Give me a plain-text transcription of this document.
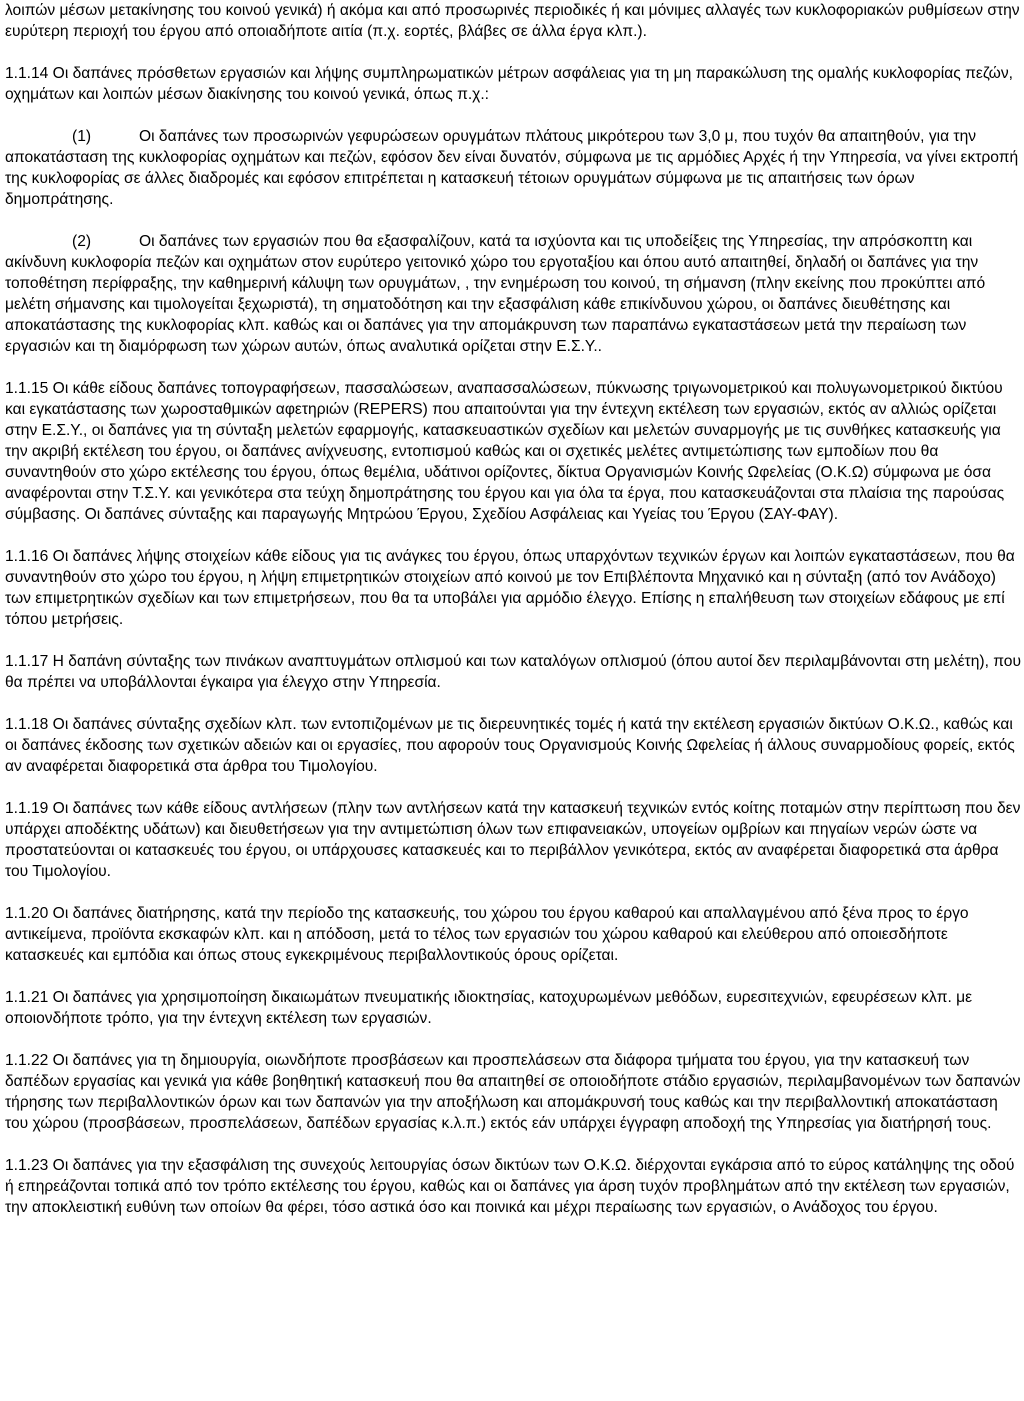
λοιπών μέσων μετακίνησης του κοινού γενικά) ή ακόμα και από προσωρινές περιοδικές ή και μόνιμες αλλαγές των κυκλοφοριακών ρυθμίσεων στην ευρύτερη περιοχή του έργου από οποιαδήποτε αιτία (π.χ. εορτές, βλάβες σε άλλα έργα κλπ.).

1.1.14 Οι δαπάνες πρόσθετων εργασιών και λήψης συμπληρωματικών μέτρων ασφάλειας για τη μη παρακώλυση της ομαλής κυκλοφορίας πεζών, οχημάτων και λοιπών μέσων διακίνησης του κοινού γενικά, όπως π.χ.:

(1)	Οι δαπάνες των προσωρινών γεφυρώσεων ορυγμάτων πλάτους μικρότερου των 3,0 μ, που τυχόν θα απαιτηθούν, για την αποκατάσταση της κυκλοφορίας οχημάτων και πεζών, εφόσον δεν είναι δυνατόν, σύμφωνα με τις αρμόδιες Αρχές ή την Υπηρεσία, να γίνει εκτροπή της κυκλοφορίας σε άλλες διαδρομές και εφόσον επιτρέπεται η κατασκευή τέτοιων ορυγμάτων σύμφωνα με τις απαιτήσεις των όρων δημοπράτησης.

(2)	Οι δαπάνες των εργασιών που θα εξασφαλίζουν, κατά τα ισχύοντα και τις υποδείξεις της Υπηρεσίας, την απρόσκοπτη και ακίνδυνη κυκλοφορία πεζών και οχημάτων στον ευρύτερο γειτονικό χώρο του εργοταξίου και όπου αυτό απαιτηθεί, δηλαδή οι δαπάνες για την τοποθέτηση περίφραξης, την καθημερινή κάλυψη των ορυγμάτων, , την ενημέρωση του κοινού, τη σήμανση (πλην εκείνης που προκύπτει από μελέτη σήμανσης και τιμολογείται ξεχωριστά), τη σηματοδότηση και την εξασφάλιση κάθε επικίνδυνου χώρου, οι δαπάνες διευθέτησης και αποκατάστασης της κυκλοφορίας κλπ. καθώς και οι δαπάνες για την απομάκρυνση των παραπάνω εγκαταστάσεων μετά την περαίωση των εργασιών και τη διαμόρφωση των χώρων αυτών, όπως αναλυτικά ορίζεται στην Ε.Σ.Υ..

1.1.15 Οι κάθε είδους δαπάνες τοπογραφήσεων, πασσαλώσεων, αναπασσαλώσεων, πύκνωσης τριγωνομετρικού και πολυγωνομετρικού δικτύου και εγκατάστασης των χωροσταθμικών αφετηριών (REPERS) που απαιτούνται για την έντεχνη εκτέλεση των εργασιών, εκτός αν αλλιώς ορίζεται στην Ε.Σ.Υ., οι δαπάνες για τη σύνταξη μελετών εφαρμογής, κατασκευαστικών σχεδίων και μελετών συναρμογής με τις συνθήκες κατασκευής για την ακριβή εκτέλεση του έργου, οι δαπάνες ανίχνευσης, εντοπισμού καθώς και οι σχετικές μελέτες αντιμετώπισης των εμποδίων που θα συναντηθούν στο χώρο εκτέλεσης του έργου, όπως θεμέλια, υδάτινοι ορίζοντες, δίκτυα Οργανισμών Κοινής Ωφελείας (Ο.Κ.Ω) σύμφωνα με όσα αναφέρονται στην Τ.Σ.Υ. και γενικότερα στα τεύχη δημοπράτησης του έργου και για όλα τα έργα, που κατασκευάζονται στα πλαίσια της παρούσας σύμβασης. Οι δαπάνες σύνταξης και παραγωγής Μητρώου Έργου, Σχεδίου Ασφάλειας και Υγείας του Έργου (ΣΑΥ-ΦΑΥ).

1.1.16 Οι δαπάνες λήψης στοιχείων κάθε είδους για τις ανάγκες του έργου, όπως υπαρχόντων τεχνικών έργων και λοιπών εγκαταστάσεων, που θα συναντηθούν στο χώρο του έργου, η λήψη επιμετρητικών στοιχείων από κοινού με τον Επιβλέποντα Μηχανικό και η σύνταξη (από τον Ανάδοχο) των επιμετρητικών σχεδίων και των επιμετρήσεων, που θα τα υποβάλει για αρμόδιο έλεγχο. Επίσης η επαλήθευση των στοιχείων εδάφους με επί τόπου μετρήσεις.

1.1.17 Η δαπάνη σύνταξης των πινάκων αναπτυγμάτων οπλισμού και των καταλόγων οπλισμού (όπου αυτοί δεν περιλαμβάνονται στη μελέτη), που θα πρέπει να υποβάλλονται έγκαιρα για έλεγχο στην Υπηρεσία.

1.1.18 Οι δαπάνες σύνταξης σχεδίων κλπ. των εντοπιζομένων με τις διερευνητικές τομές ή κατά την εκτέλεση εργασιών δικτύων Ο.Κ.Ω., καθώς και οι δαπάνες έκδοσης των σχετικών αδειών και οι εργασίες, που αφορούν τους Οργανισμούς Κοινής Ωφελείας ή άλλους συναρμοδίους φορείς, εκτός αν αναφέρεται διαφορετικά στα άρθρα του Τιμολογίου.

1.1.19 Οι δαπάνες των κάθε είδους αντλήσεων (πλην των αντλήσεων κατά την κατασκευή τεχνικών εντός κοίτης ποταμών στην περίπτωση που δεν υπάρχει αποδέκτης υδάτων) και διευθετήσεων για την αντιμετώπιση όλων των επιφανειακών, υπογείων ομβρίων και πηγαίων νερών ώστε να προστατεύονται οι κατασκευές του έργου, οι υπάρχουσες κατασκευές και το περιβάλλον γενικότερα, εκτός αν αναφέρεται διαφορετικά στα άρθρα του Τιμολογίου.

1.1.20 Οι δαπάνες διατήρησης, κατά την περίοδο της κατασκευής, του χώρου του έργου καθαρού και απαλλαγμένου από ξένα προς το έργο αντικείμενα, προϊόντα εκσκαφών κλπ. και η απόδοση, μετά το τέλος των εργασιών του χώρου καθαρού και ελεύθερου από οποιεσδήποτε κατασκευές και εμπόδια και όπως στους εγκεκριμένους περιβαλλοντικούς όρους ορίζεται.

1.1.21 Οι δαπάνες για χρησιμοποίηση δικαιωμάτων πνευματικής ιδιοκτησίας, κατοχυρωμένων μεθόδων, ευρεσιτεχνιών, εφευρέσεων κλπ. με οποιονδήποτε τρόπο, για την έντεχνη εκτέλεση των εργασιών.

1.1.22 Οι δαπάνες για τη δημιουργία, οιωνδήποτε προσβάσεων και προσπελάσεων στα διάφορα τμήματα του έργου, για την κατασκευή των δαπέδων εργασίας και γενικά για κάθε βοηθητική κατασκευή που θα απαιτηθεί σε οποιοδήποτε στάδιο εργασιών, περιλαμβανομένων των δαπανών τήρησης των περιβαλλοντικών όρων και των δαπανών για την αποξήλωση και απομάκρυνσή τους καθώς και την περιβαλλοντική αποκατάσταση του χώρου (προσβάσεων, προσπελάσεων, δαπέδων εργασίας κ.λ.π.) εκτός εάν υπάρχει έγγραφη αποδοχή της Υπηρεσίας για διατήρησή τους.

1.1.23 Οι δαπάνες για την εξασφάλιση της συνεχούς λειτουργίας όσων δικτύων των Ο.Κ.Ω. διέρχονται εγκάρσια από το εύρος κατάληψης της οδού ή επηρεάζονται τοπικά από τον τρόπο εκτέλεσης του έργου, καθώς και οι δαπάνες για άρση τυχόν προβλημάτων από την εκτέλεση των εργασιών, την αποκλειστική ευθύνη των οποίων θα φέρει, τόσο αστικά όσο και ποινικά και μέχρι περαίωσης των εργασιών, ο Ανάδοχος του έργου.
